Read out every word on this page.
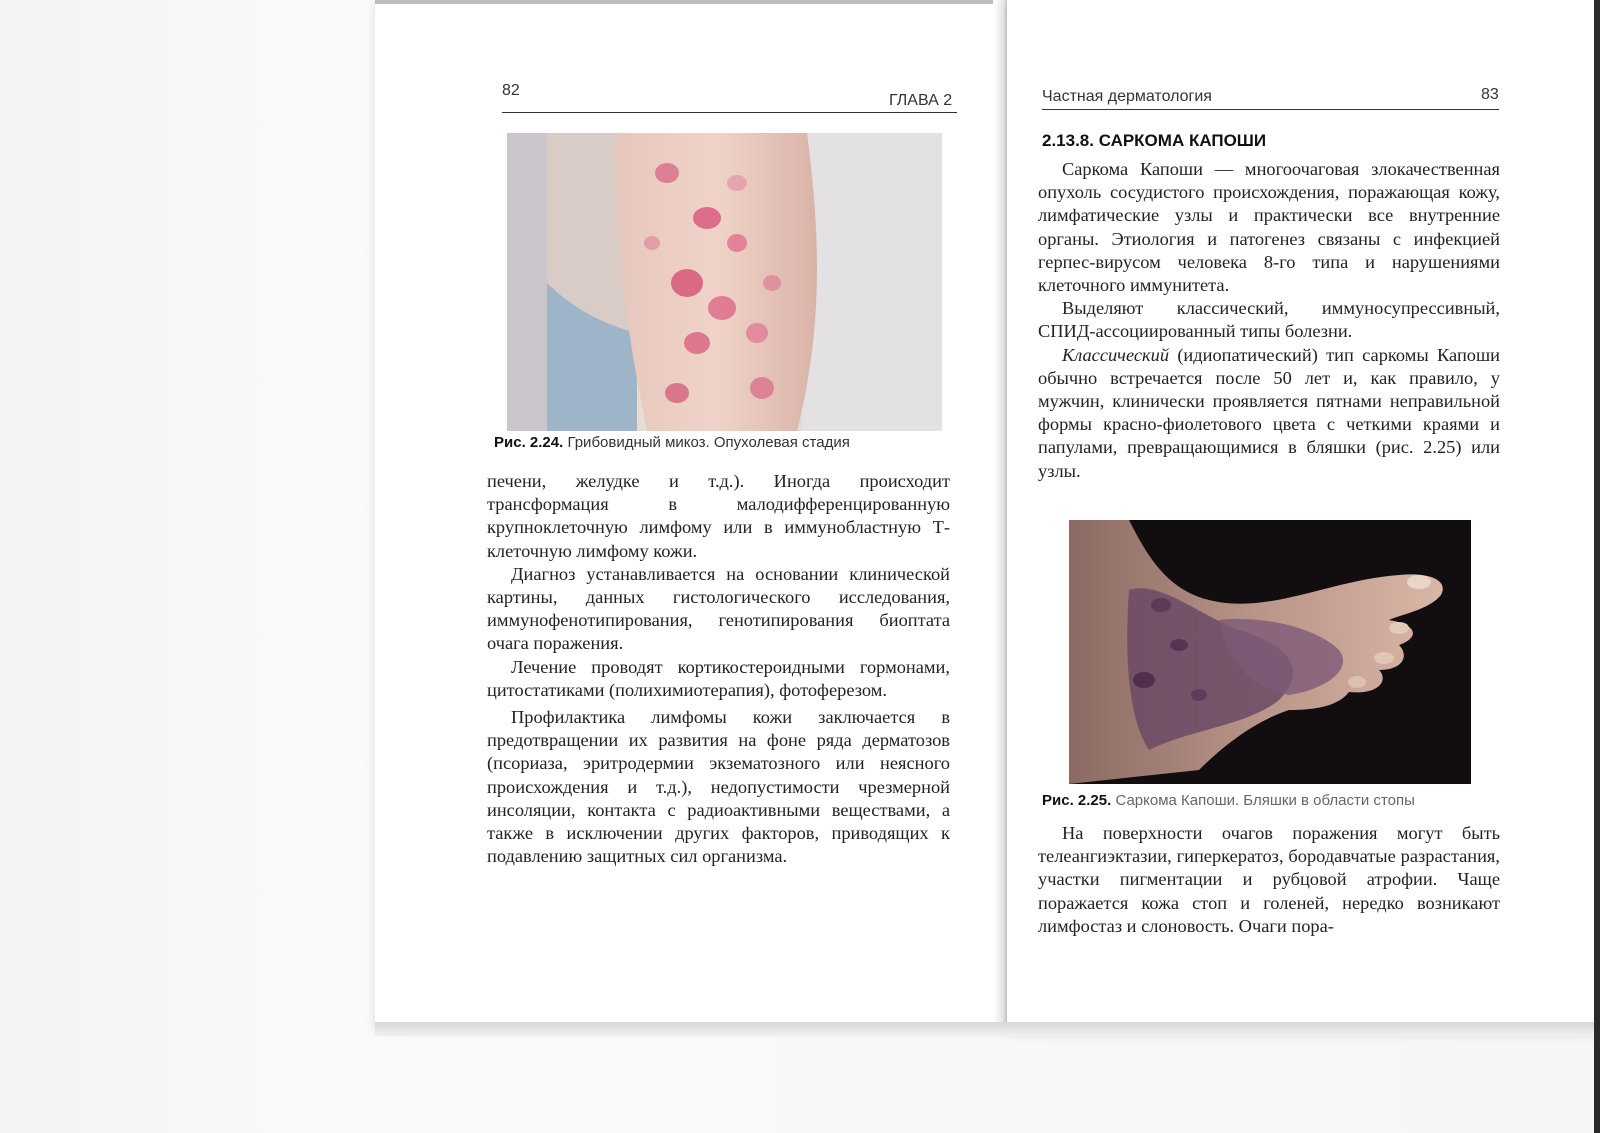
82
ГЛАВА 2
Рис. 2.24. Грибовидный микоз. Опухолевая стадия

печени, желудке и т.д.). Иногда происходит трансформация в малодифференцированную крупноклеточную лимфому или в иммунобластную Т-клеточную лимфому кожи.

Диагноз устанавливается на основании клинической картины, данных гистологического исследования, иммунофенотипирования, генотипирования биоптата очага поражения.

Лечение проводят кортикостероидными гормонами, цитостатиками (полихимиотерапия), фотоферезом.

Профилактика лимфомы кожи заключается в предотвращении их развития на фоне ряда дерматозов (псориаза, эритродермии экзематозного или неясного происхождения и т.д.), недопустимости чрезмерной инсоляции, контакта с радиоактивными веществами, а также в исключении других факторов, приводящих к подавлению защитных сил организма.

Частная дерматология	83
2.13.8. САРКОМА КАПОШИ

Саркома Капоши — многоочаговая злокачественная опухоль сосудистого происхождения, поражающая кожу, лимфатические узлы и практически все внутренние органы. Этиология и патогенез связаны с инфекцией герпес-вирусом человека 8-го типа и нарушениями клеточного иммунитета.

Выделяют классический, иммуносупрессивный, СПИД-ассоциированный типы болезни.

Классический (идиопатический) тип саркомы Капоши обычно встречается после 50 лет и, как правило, у мужчин, клинически проявляется пятнами неправильной формы красно-фиолетового цвета с четкими краями и папулами, превращающимися в бляшки (рис. 2.25) или узлы.

Рис. 2.25. Саркома Капоши. Бляшки в области стопы

На поверхности очагов поражения могут быть телеангиэктазии, гиперкератоз, бородавчатые разрастания, участки пигментации и рубцовой атрофии. Чаще поражается кожа стоп и голеней, нередко возникают лимфостаз и слоновость. Очаги пора-
